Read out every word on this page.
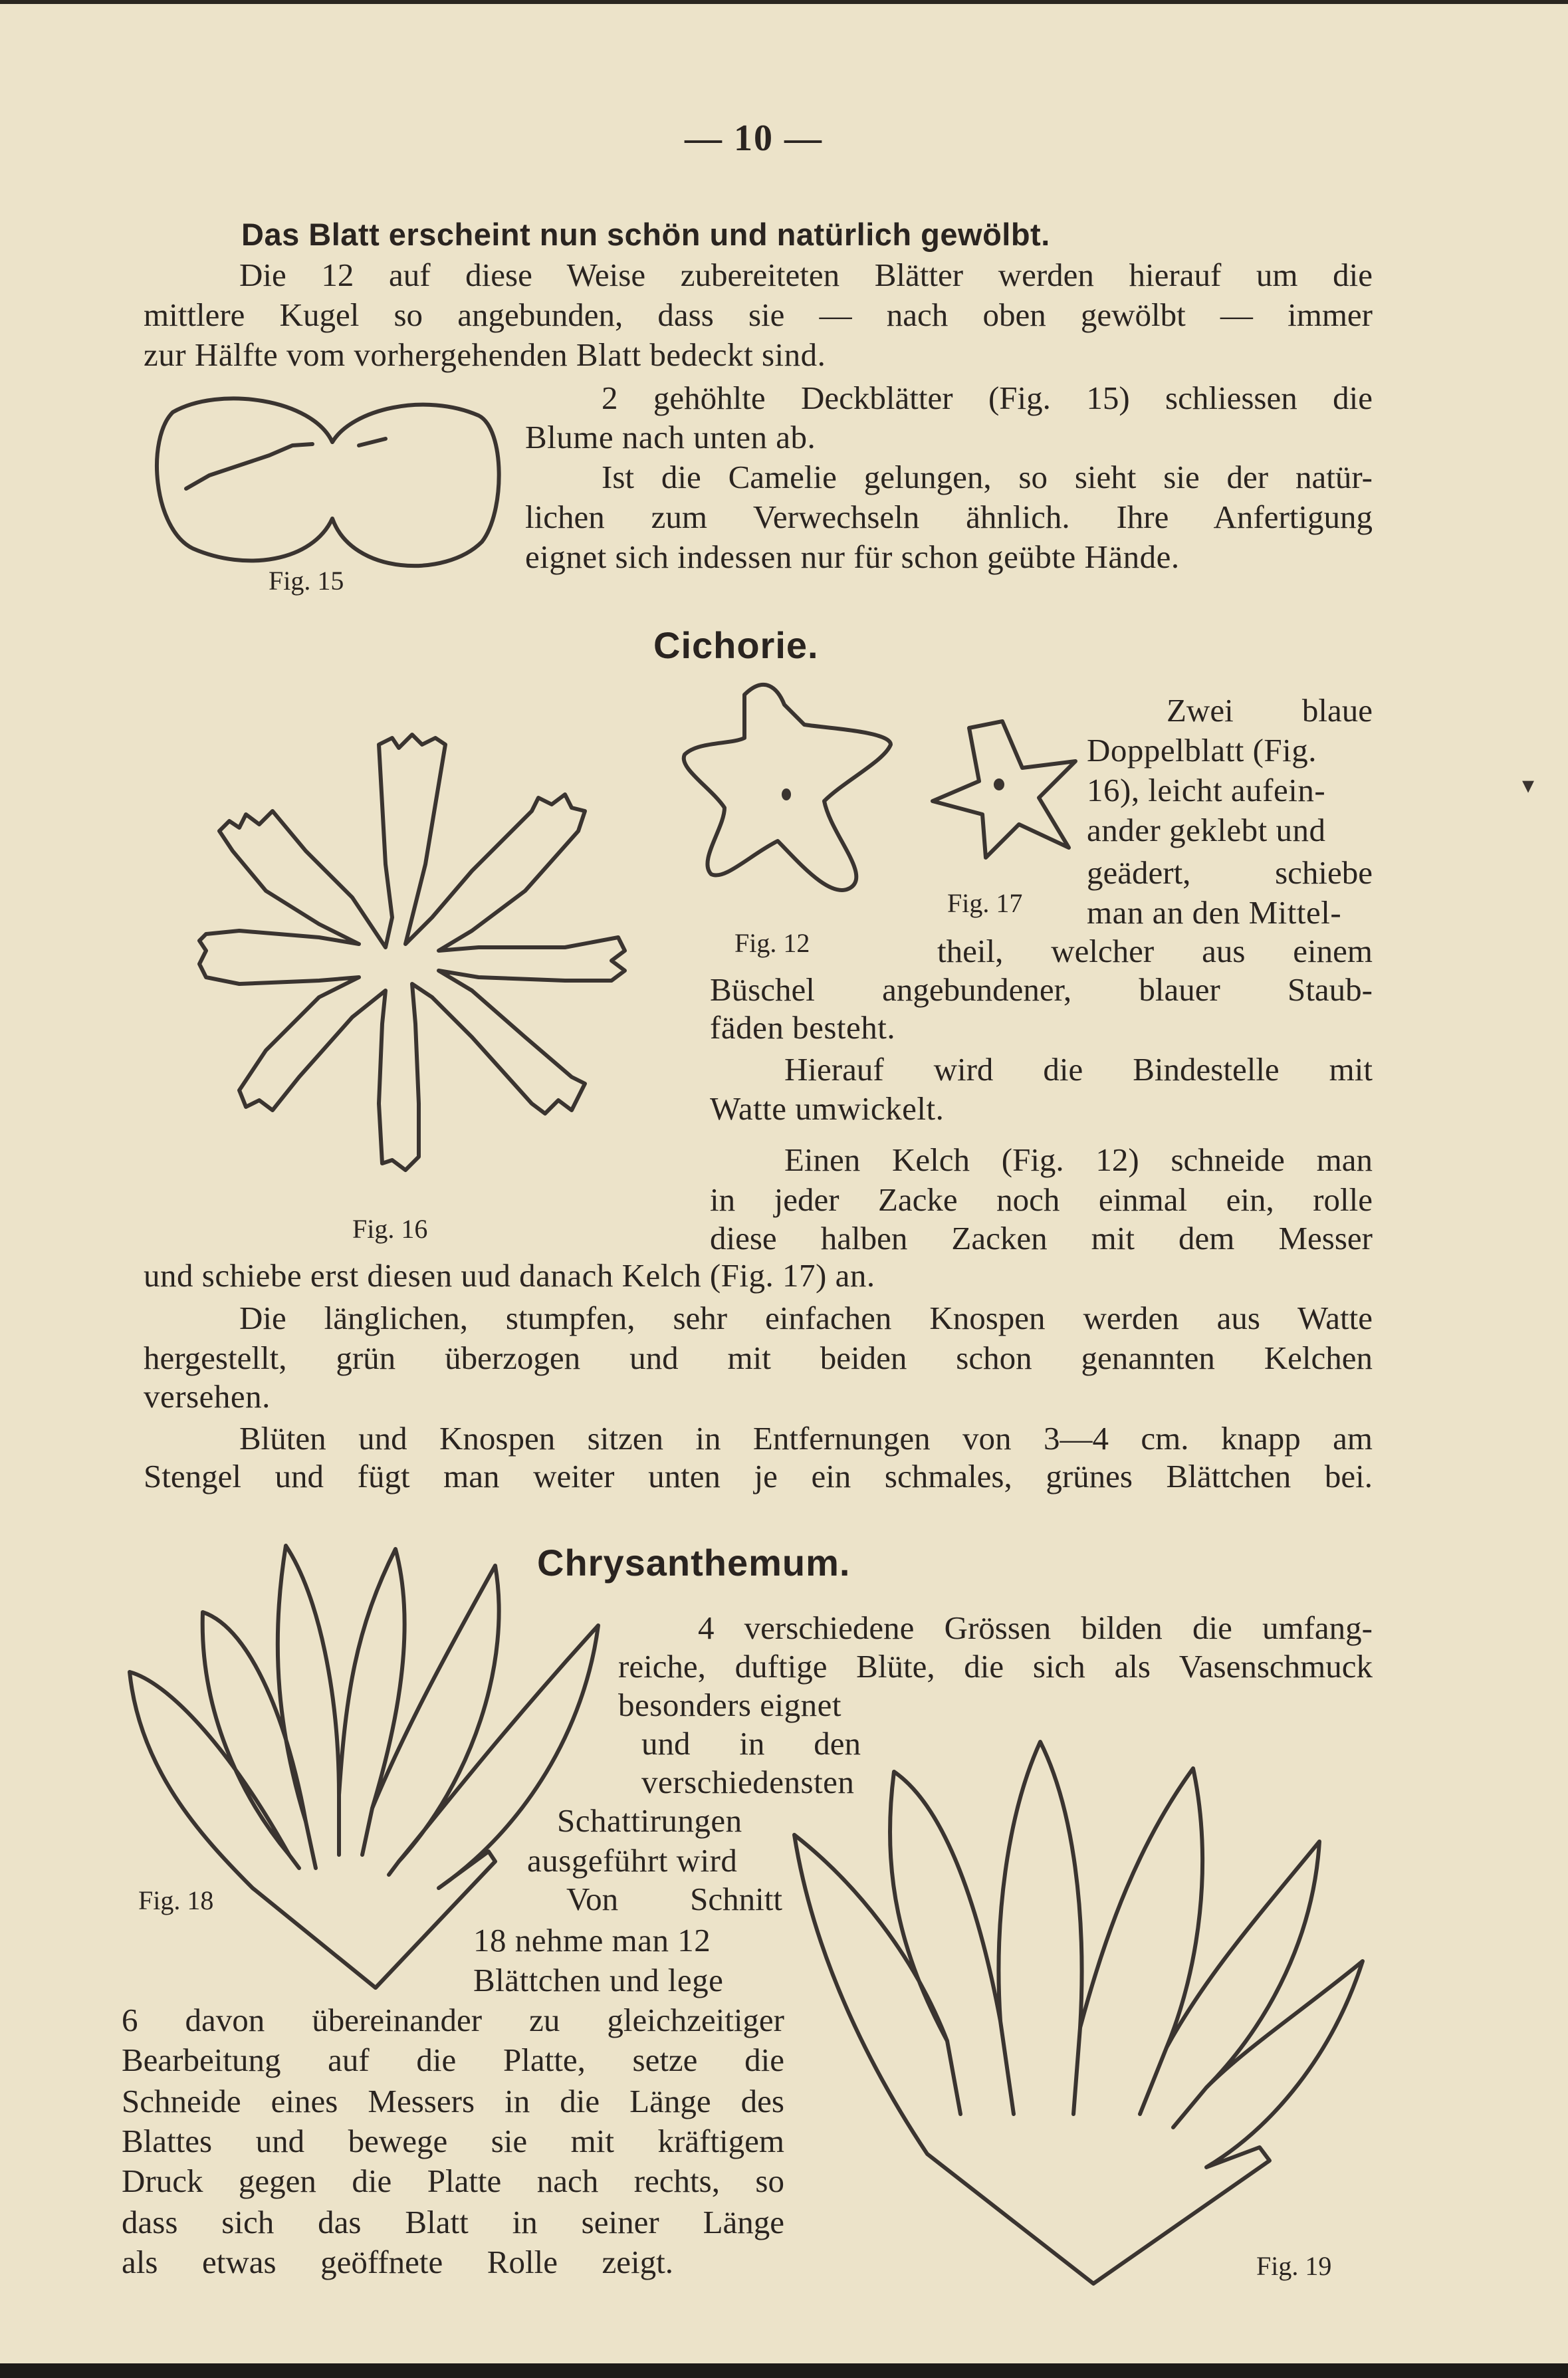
— 10 —
Das Blatt erscheint nun schön und natürlich gewölbt.
Die 12 auf diese Weise zubereiteten Blätter werden hierauf um die
mittlere Kugel so angebunden, dass sie — nach oben gewölbt — immer
zur Hälfte vom vorhergehenden Blatt bedeckt sind.
Fig. 15
2 gehöhlte Deckblätter (Fig. 15) schliessen die
Blume nach unten ab.
Ist die Camelie gelungen, so sieht sie der natür-
lichen zum Verwechseln ähnlich. Ihre Anfertigung
eignet sich indessen nur für schon geübte Hände.
Cichorie.
Fig. 16
Fig. 12
Fig. 17
Zwei blaue
Doppelblatt (Fig.
16), leicht aufein-
ander geklebt und
geädert, schiebe
man an den Mittel-
theil, welcher aus einem
Büschel angebundener, blauer Staub-
fäden besteht.
Hierauf wird die Bindestelle mit
Watte umwickelt.
Einen Kelch (Fig. 12) schneide man
in jeder Zacke noch einmal ein, rolle
diese halben Zacken mit dem Messer
und schiebe erst diesen uud danach Kelch (Fig. 17) an.
Die länglichen, stumpfen, sehr einfachen Knospen werden aus Watte
hergestellt, grün überzogen und mit beiden schon genannten Kelchen
versehen.
Blüten und Knospen sitzen in Entfernungen von 3—4 cm. knapp am
Stengel und fügt man weiter unten je ein schmales, grünes Blättchen bei.
Chrysanthemum.
Fig. 18
Fig. 19
4 verschiedene Grössen bilden die umfang-
reiche, duftige Blüte, die sich als Vasenschmuck
besonders eignet
und in den
verschiedensten
Schattirungen
ausgeführt wird
Von Schnitt
18 nehme man 12
Blättchen und lege
6 davon übereinander zu gleichzeitiger
Bearbeitung auf die Platte, setze die
Schneide eines Messers in die Länge des
Blattes und bewege sie mit kräftigem
Druck gegen die Platte nach rechts, so
dass sich das Blatt in seiner Länge
als etwas geöffnete Rolle zeigt.
▾
